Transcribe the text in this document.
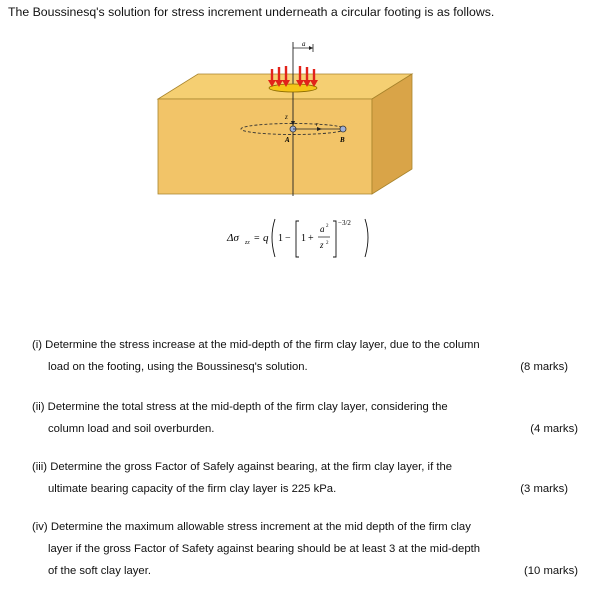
The Boussinesq's solution for stress increment underneath a circular footing is as follows.
a
z
r
A	B
Δσ zz = q 1 − 1 +
a 2
z 2
−3/2
(i) Determine the stress increase at the mid-depth of the firm clay layer, due to the column
load on the footing, using the Boussinesq's solution.	(8 marks)
(ii) Determine the total stress at the mid-depth of the firm clay layer, considering the
column load and soil overburden.	(4 marks)
(iii) Determine the gross Factor of Safely against bearing, at the firm clay layer, if the
ultimate bearing capacity of the firm clay layer is 225 kPa.	(3 marks)
(iv) Determine the maximum allowable stress increment at the mid depth of the firm clay
layer if the gross Factor of Safety against bearing should be at least 3 at the mid-depth
of the soft clay layer.	(10 marks)
